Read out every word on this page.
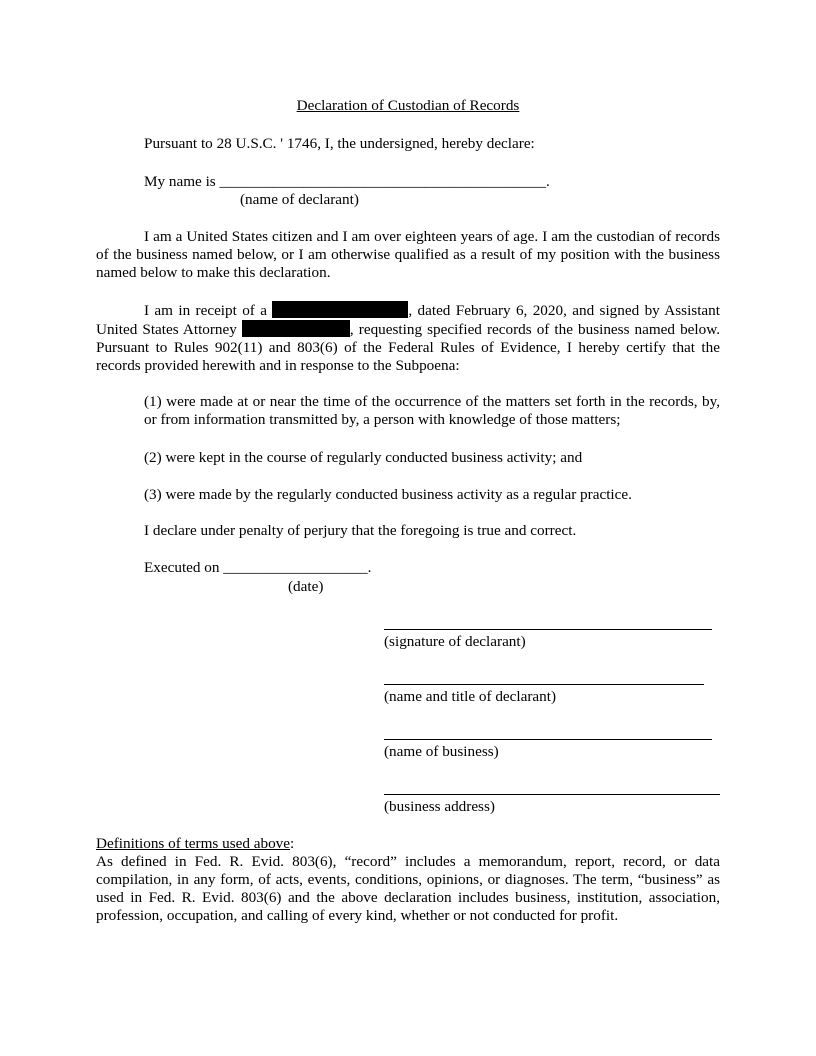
Declaration of Custodian of Records
Pursuant to 28 U.S.C. ' 1746, I, the undersigned, hereby declare:
My name is ___________________________________________.
(name of declarant)
I am a United States citizen and I am over eighteen years of age. I am the custodian of records of the business named below, or I am otherwise qualified as a result of my position with the business named below to make this declaration.
I am in receipt of a	, dated February 6, 2020, and signed by Assistant United States Attorney	, requesting specified records of the business named below. Pursuant to Rules 902(11) and 803(6) of the Federal Rules of Evidence, I hereby certify that the records provided herewith and in response to the Subpoena:
(1) were made at or near the time of the occurrence of the matters set forth in the records, by, or from information transmitted by, a person with knowledge of those matters;
(2) were kept in the course of regularly conducted business activity; and
(3) were made by the regularly conducted business activity as a regular practice.
I declare under penalty of perjury that the foregoing is true and correct.
Executed on ___________________.
(date)
(signature of declarant)
(name and title of declarant)
(name of business)
(business address)
Definitions of terms used above:
As defined in Fed. R. Evid. 803(6), “record” includes a memorandum, report, record, or data compilation, in any form, of acts, events, conditions, opinions, or diagnoses. The term, “business” as used in Fed. R. Evid. 803(6) and the above declaration includes business, institution, association, profession, occupation, and calling of every kind, whether or not conducted for profit.
